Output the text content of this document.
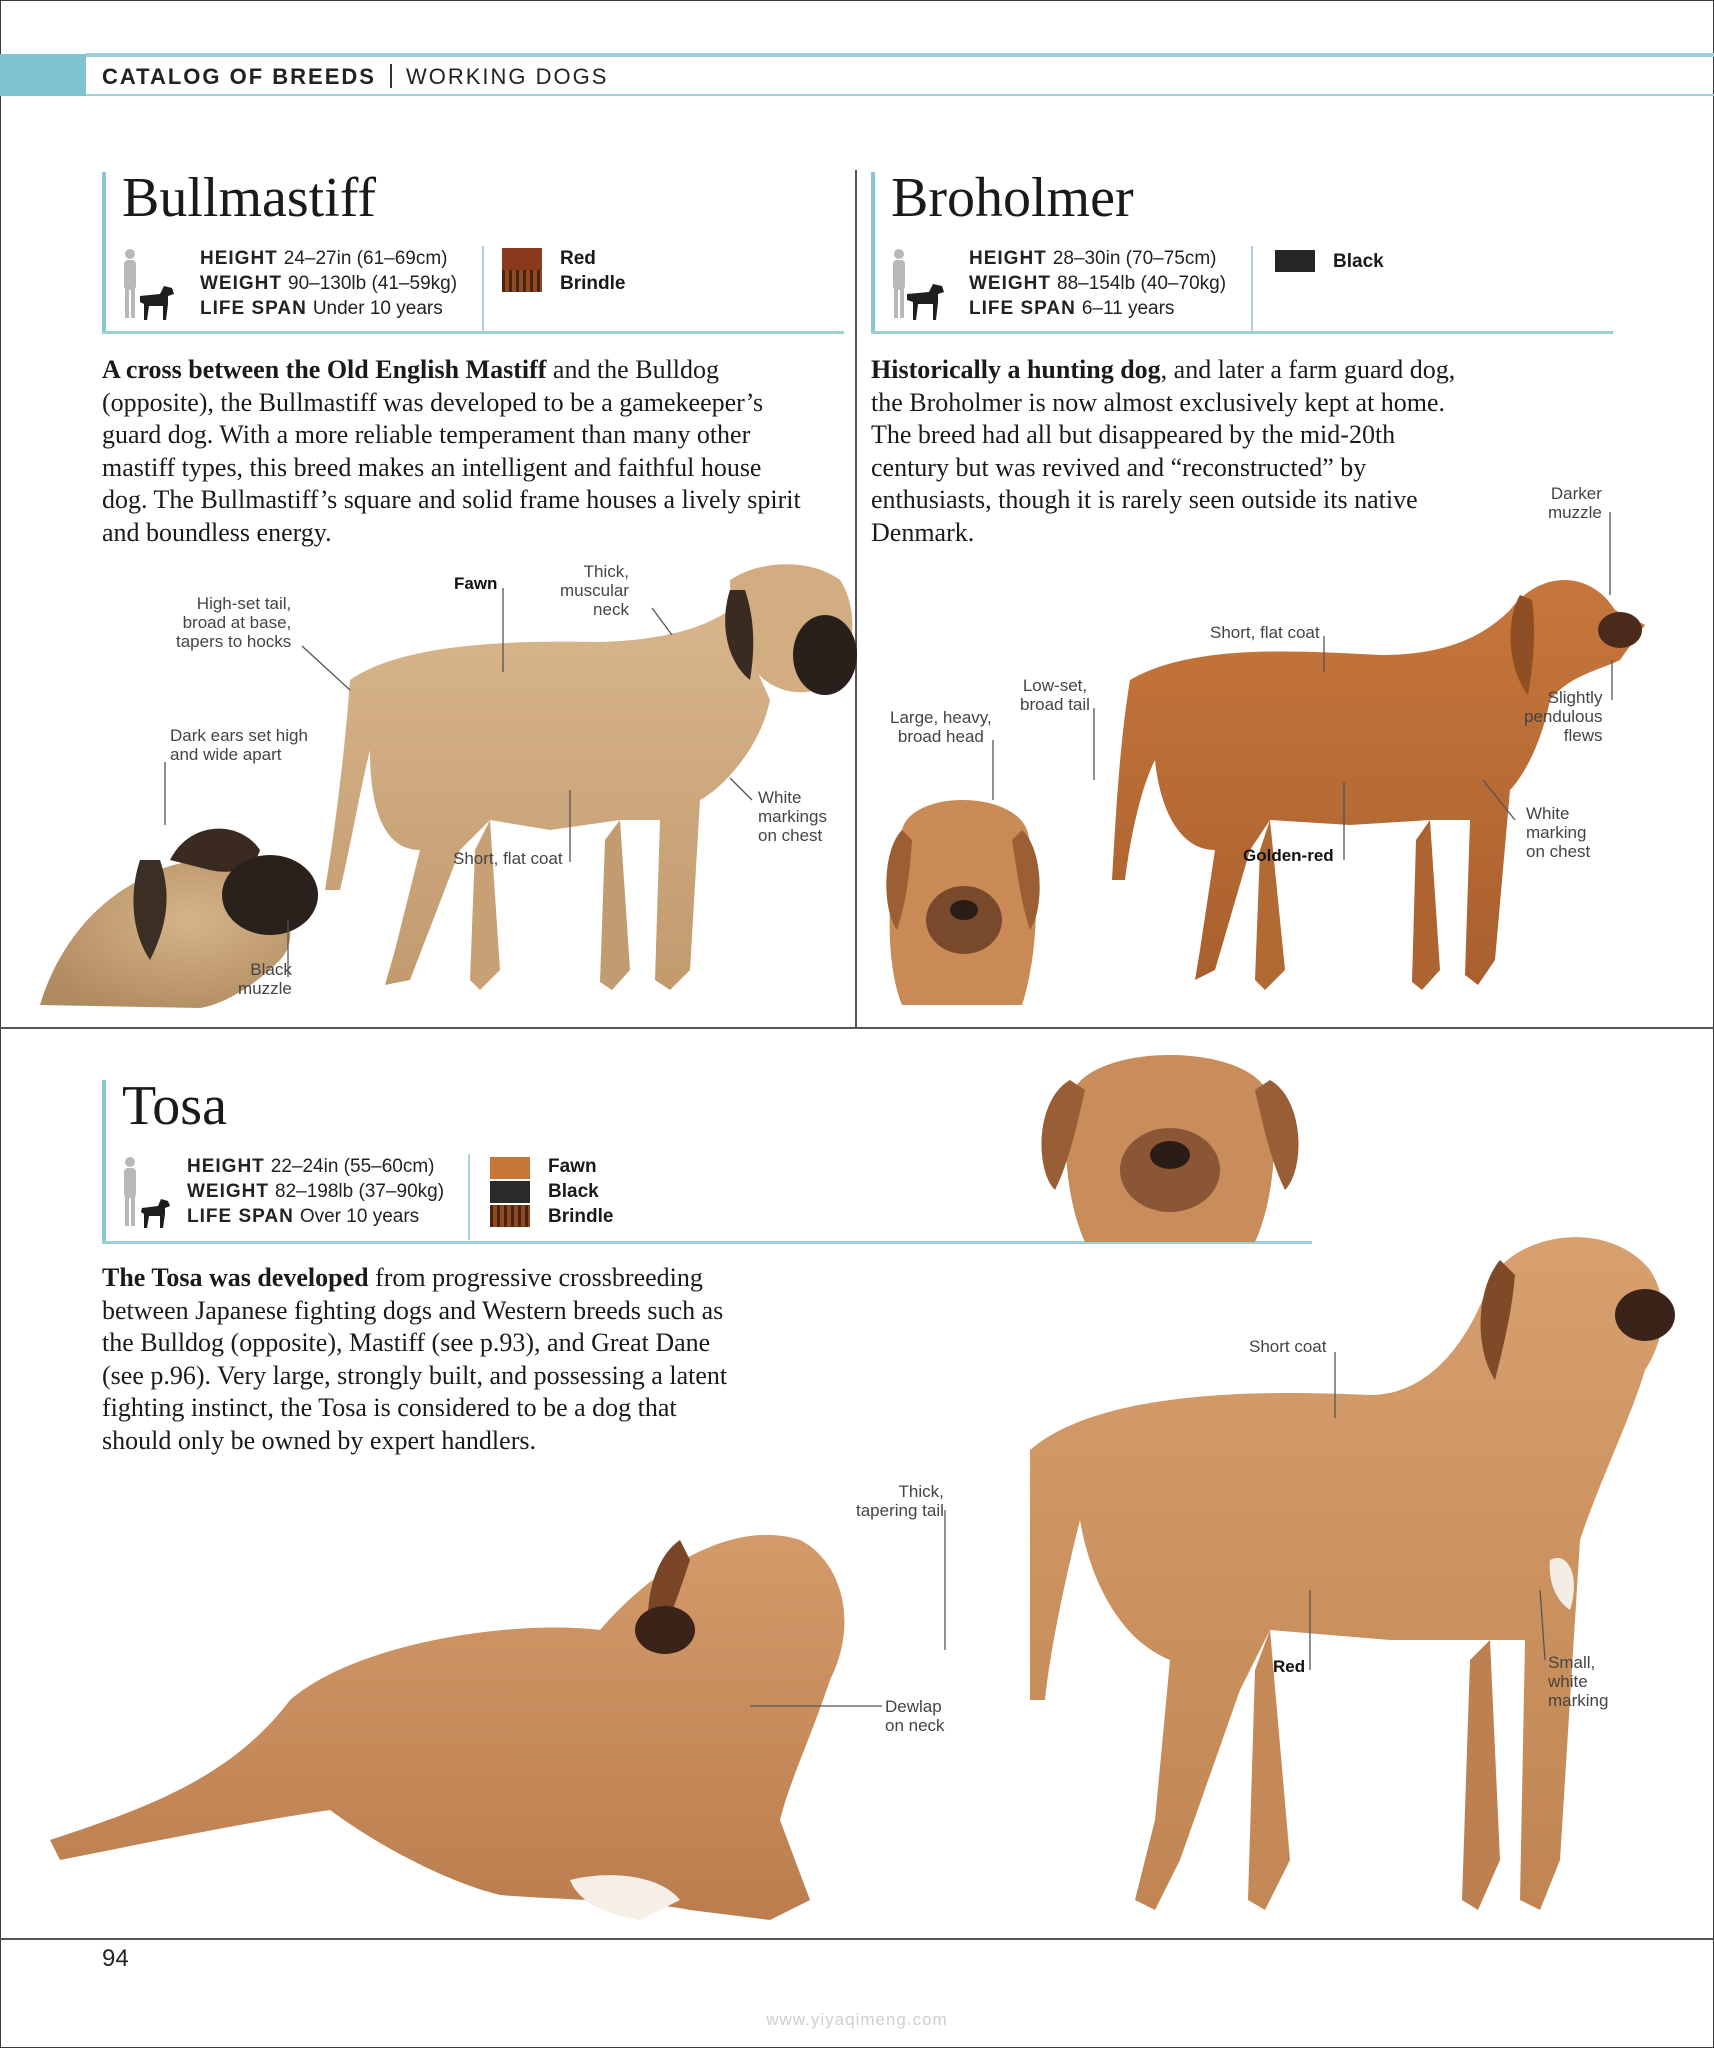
CATALOG OF BREEDS WORKING DOGS
Bullmastiff
HEIGHT 24–27in (61–69cm)
WEIGHT 90–130lb (41–59kg)
LIFE SPAN Under 10 years
Red
Brindle

A cross between the Old English Mastiff and the Bulldog (opposite), the Bullmastiff was developed to be a gamekeeper’s guard dog. With a more reliable temperament than many other mastiff types, this breed makes an intelligent and faithful house dog. The Bullmastiff’s square and solid frame houses a lively spirit and boundless energy.

Broholmer
HEIGHT 28–30in (70–75cm)
WEIGHT 88–154lb (40–70kg)
LIFE SPAN 6–11 years
Black

Historically a hunting dog, and later a farm guard dog, the Broholmer is now almost exclusively kept at home. The breed had all but disappeared by the mid-20th century but was revived and “reconstructed” by enthusiasts, though it is rarely seen outside its native Denmark.

Tosa
HEIGHT 22–24in (55–60cm)
WEIGHT 82–198lb (37–90kg)
LIFE SPAN Over 10 years
Fawn
Black
Brindle

The Tosa was developed from progressive crossbreeding between Japanese fighting dogs and Western breeds such as the Bulldog (opposite), Mastiff (see p.93), and Great Dane (see p.96). Very large, strongly built, and possessing a latent fighting instinct, the Tosa is considered to be a dog that should only be owned by expert handlers.

Fawn
Thick,
muscular
neck
High-set tail,
broad at base,
tapers to hocks
Dark ears set high
and wide apart
White
markings
on chest
Short, flat coat
Black
muzzle
Darker
muzzle
Short, flat coat
Low-set,
broad tail
Large, heavy,
broad head
Slightly
pendulous
flews
White
marking
on chest
Golden-red
Short coat
Thick,
tapering tail
Dewlap
on neck
Red	Small,
white
marking
94
www.yiyaqimeng.com
